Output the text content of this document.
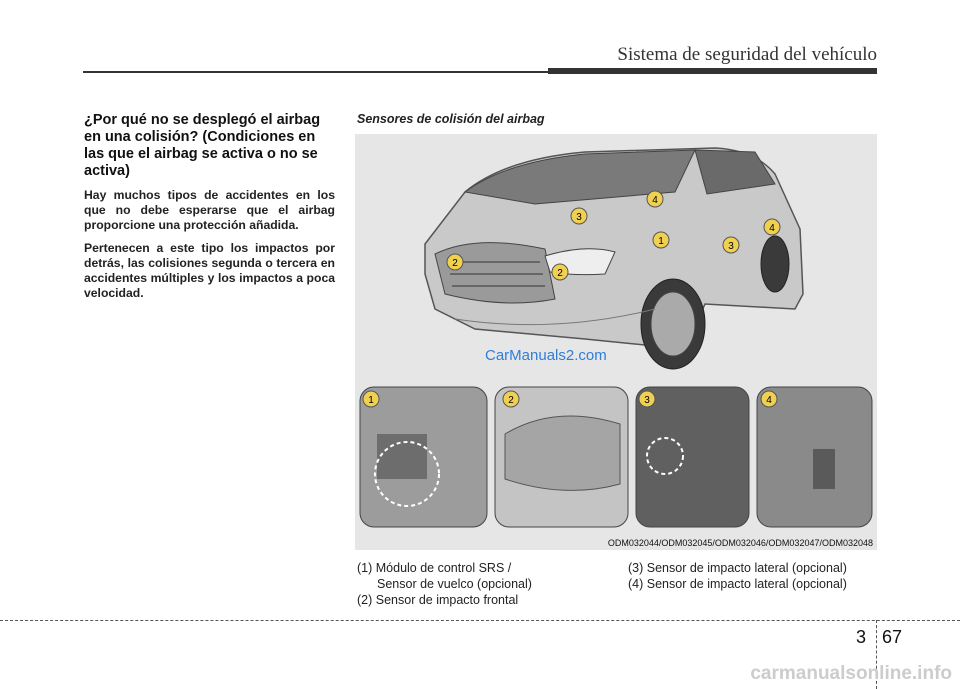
Sistema de seguridad del vehículo
¿Por qué no se desplegó el airbag en una colisión? (Condiciones en las que el airbag se activa o no se activa)

Hay muchos tipos de accidentes en los que no debe esperarse que el airbag proporcione una protección añadida.

Pertenecen a este tipo los impactos por detrás, las colisiones segunda o tercera en accidentes múltiples y los impactos a poca velocidad.

Sensores de colisión del airbag
1
2
2
3
3
4
4
1	2	3	4
CarManuals2.com
ODM032044/ODM032045/ODM032046/ODM032047/ODM032048
(1) Módulo de control SRS /
Sensor de vuelco (opcional)
(2) Sensor de impacto frontal
(3) Sensor de impacto lateral (opcional)
(4) Sensor de impacto lateral (opcional)
3 67
carmanualsonline.info
